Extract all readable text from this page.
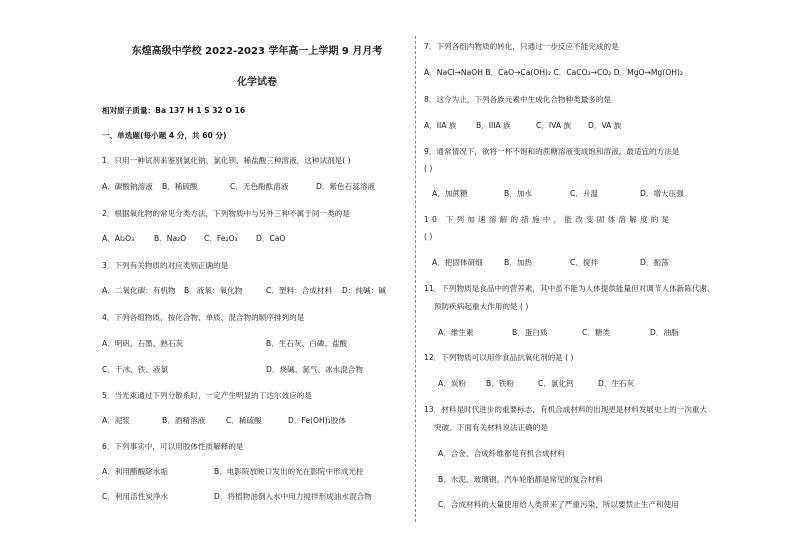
东煌高级中学校 2022-2023 学年高一上学期 9 月月考
化学试卷
相对原子质量：Ba 137 H 1 S 32 O 16
一、单选题(每小题 4 分，共 60 分)
1．只用一种试剂来鉴别氯化钠、氯化钡、稀盐酸三种溶液，这种试剂是( )
A．碳酸钠溶液 B．稀硫酸	C．无色酚酞溶液	D．紫色石蕊溶液
2．根据氧化物的常见分类方法，下列物质中与另外三种不属于同一类的是
A．Al₂O₃	B．Na₂O C．Fe₂O₃ D．CaO
3．下列有关物质的对应类别正确的是
A．二氧化碳：有机物 B．液氧：氧化物	C．塑料：合成材料 D：纯碱：碱
4．下列各组物质，按化合物、单质、混合物的顺序排列的是
A．明矾、石墨、熟石灰	B．生石灰、白磷、盐酸
C．干冰、铁、液氯	D．烧碱、氮气、冰水混合物
5．当光束通过下列分散系时，一定产生明显的丁达尔效应的是
A．泥浆	B．酒精溶液	C．稀硫酸	D．Fe(OH)₃胶体
6．下列事实中，可以用胶体性质解释的是
A．利用醋酸除水垢	B．电影院放映口发出的光在影院中形成光柱
C．利用活性炭净水	D．将植物油倒入水中用力搅拌形成油水混合物
7．下列各组内物质的转化，只通过一步反应不能完成的是
A．NaCl→NaOH B．CaO→Ca(OH)₂ C．CaCO₃→CO₂ D．MgO→Mg(OH)₂
8．这今为止，下列各族元素中生成化合物种类最多的是
A．IIA 族	B．IIIA 族	C．IVA 族 D．VA 族
9．通常情况下，欲将一杯不饱和的蔗糖溶液变成饱和溶液，最适宜的方法是
( )
A．加蔗糖	B．加水	C．升温	D．增大压强
10 下列加速溶解的措施中，能改变固体溶解度的是
( )
A．把固体研细	B．加热	C．搅拌	D．振荡
11．下列物质是食品中的营养素，其中虽不能为人体提供能量但对调节人体新陈代谢、
预防疾病起重大作用的是 ( )
A．维生素	B．蛋白质	C．糖类	D．油脂
12．下列物质可以用作食品抗氧化剂的是 ( )
A．炭粉	B．铁粉	C．氯化钙	D．生石灰
13．材料是时代进步的重要标志，有机合成材料的出现更是材料发展史上的一次重大
突破。下面有关材料说法正确的是
A．合金、合成纤维都是有机合成材料
B．水泥、玻璃钢、汽车轮胎都是常见的复合材料
C．合成材料的大量使用给人类带来了严重污染，所以要禁止生产和使用
